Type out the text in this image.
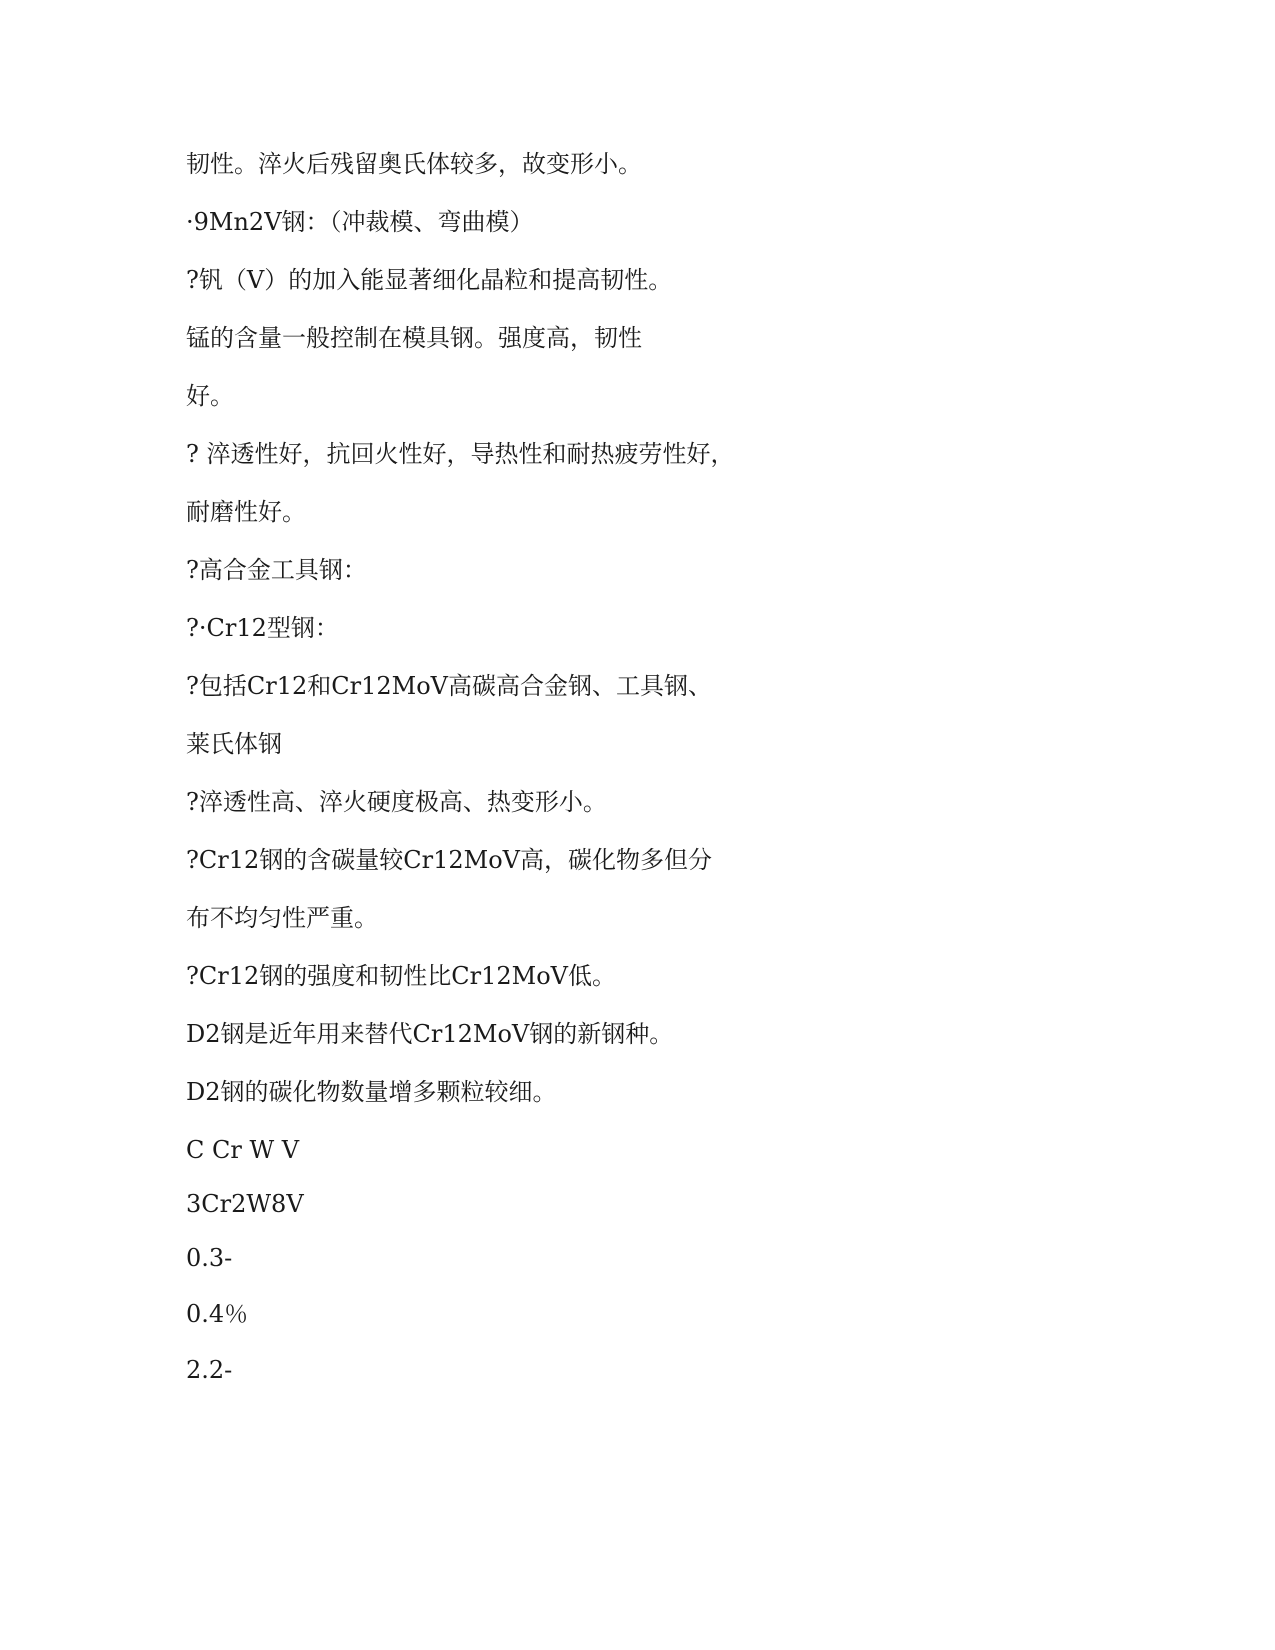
韧性。淬火后残留奥氏体较多，故变形小。

·9Mn2V钢：（冲裁模、弯曲模）

?钒（V）的加入能显著细化晶粒和提高韧性。

锰的含量一般控制在模具钢。强度高，韧性

好。

? 淬透性好，抗回火性好，导热性和耐热疲劳性好，

耐磨性好。

?高合金工具钢：

?·Cr12型钢：

?包括Cr12和Cr12MoV高碳高合金钢、工具钢、

莱氏体钢

?淬透性高、淬火硬度极高、热变形小。

?Cr12钢的含碳量较Cr12MoV高，碳化物多但分

布不均匀性严重。

?Cr12钢的强度和韧性比Cr12MoV低。

D2钢是近年用来替代Cr12MoV钢的新钢种。

D2钢的碳化物数量增多颗粒较细。

C Cr W V

3Cr2W8V

0.3-

0.4％

2.2-
